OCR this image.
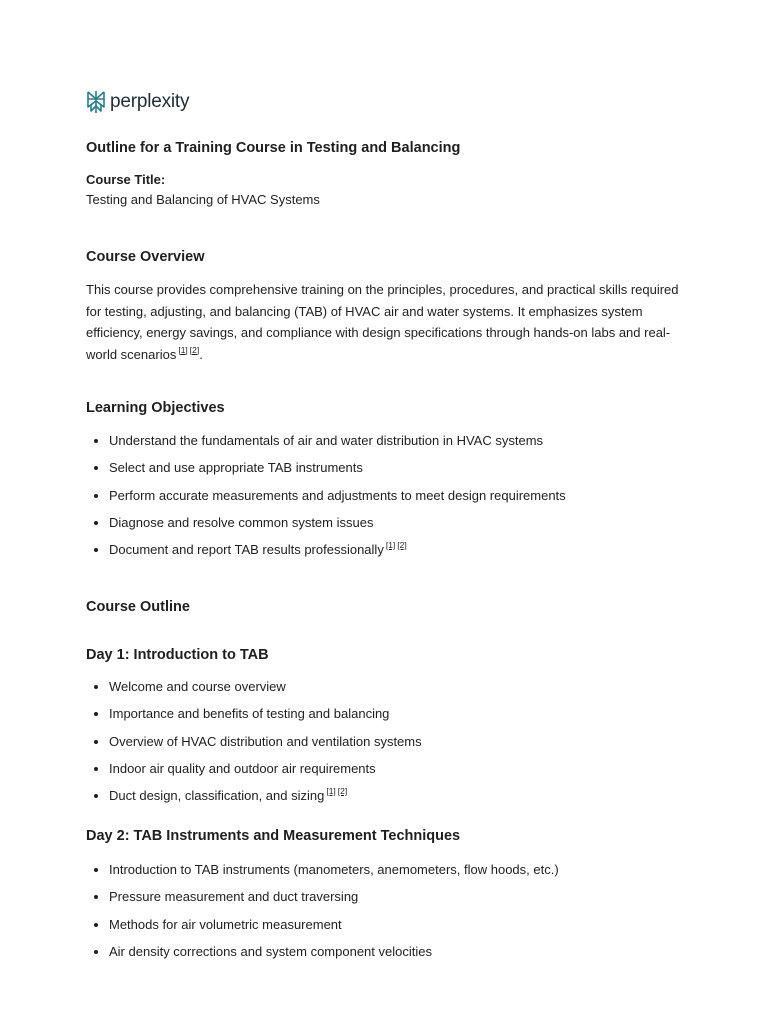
perplexity
Outline for a Training Course in Testing and Balancing
Course Title:
Testing and Balancing of HVAC Systems
Course Overview

This course provides comprehensive training on the principles, procedures, and practical skills required for testing, adjusting, and balancing (TAB) of HVAC air and water systems. It emphasizes system efficiency, energy savings, and compliance with design specifications through hands-on labs and real-world scenarios [1] [2].

Learning Objectives
Understand the fundamentals of air and water distribution in HVAC systems
Select and use appropriate TAB instruments
Perform accurate measurements and adjustments to meet design requirements
Diagnose and resolve common system issues
Document and report TAB results professionally [1] [2]
Course Outline
Day 1: Introduction to TAB
Welcome and course overview
Importance and benefits of testing and balancing
Overview of HVAC distribution and ventilation systems
Indoor air quality and outdoor air requirements
Duct design, classification, and sizing [1] [2]
Day 2: TAB Instruments and Measurement Techniques
Introduction to TAB instruments (manometers, anemometers, flow hoods, etc.)
Pressure measurement and duct traversing
Methods for air volumetric measurement
Air density corrections and system component velocities
